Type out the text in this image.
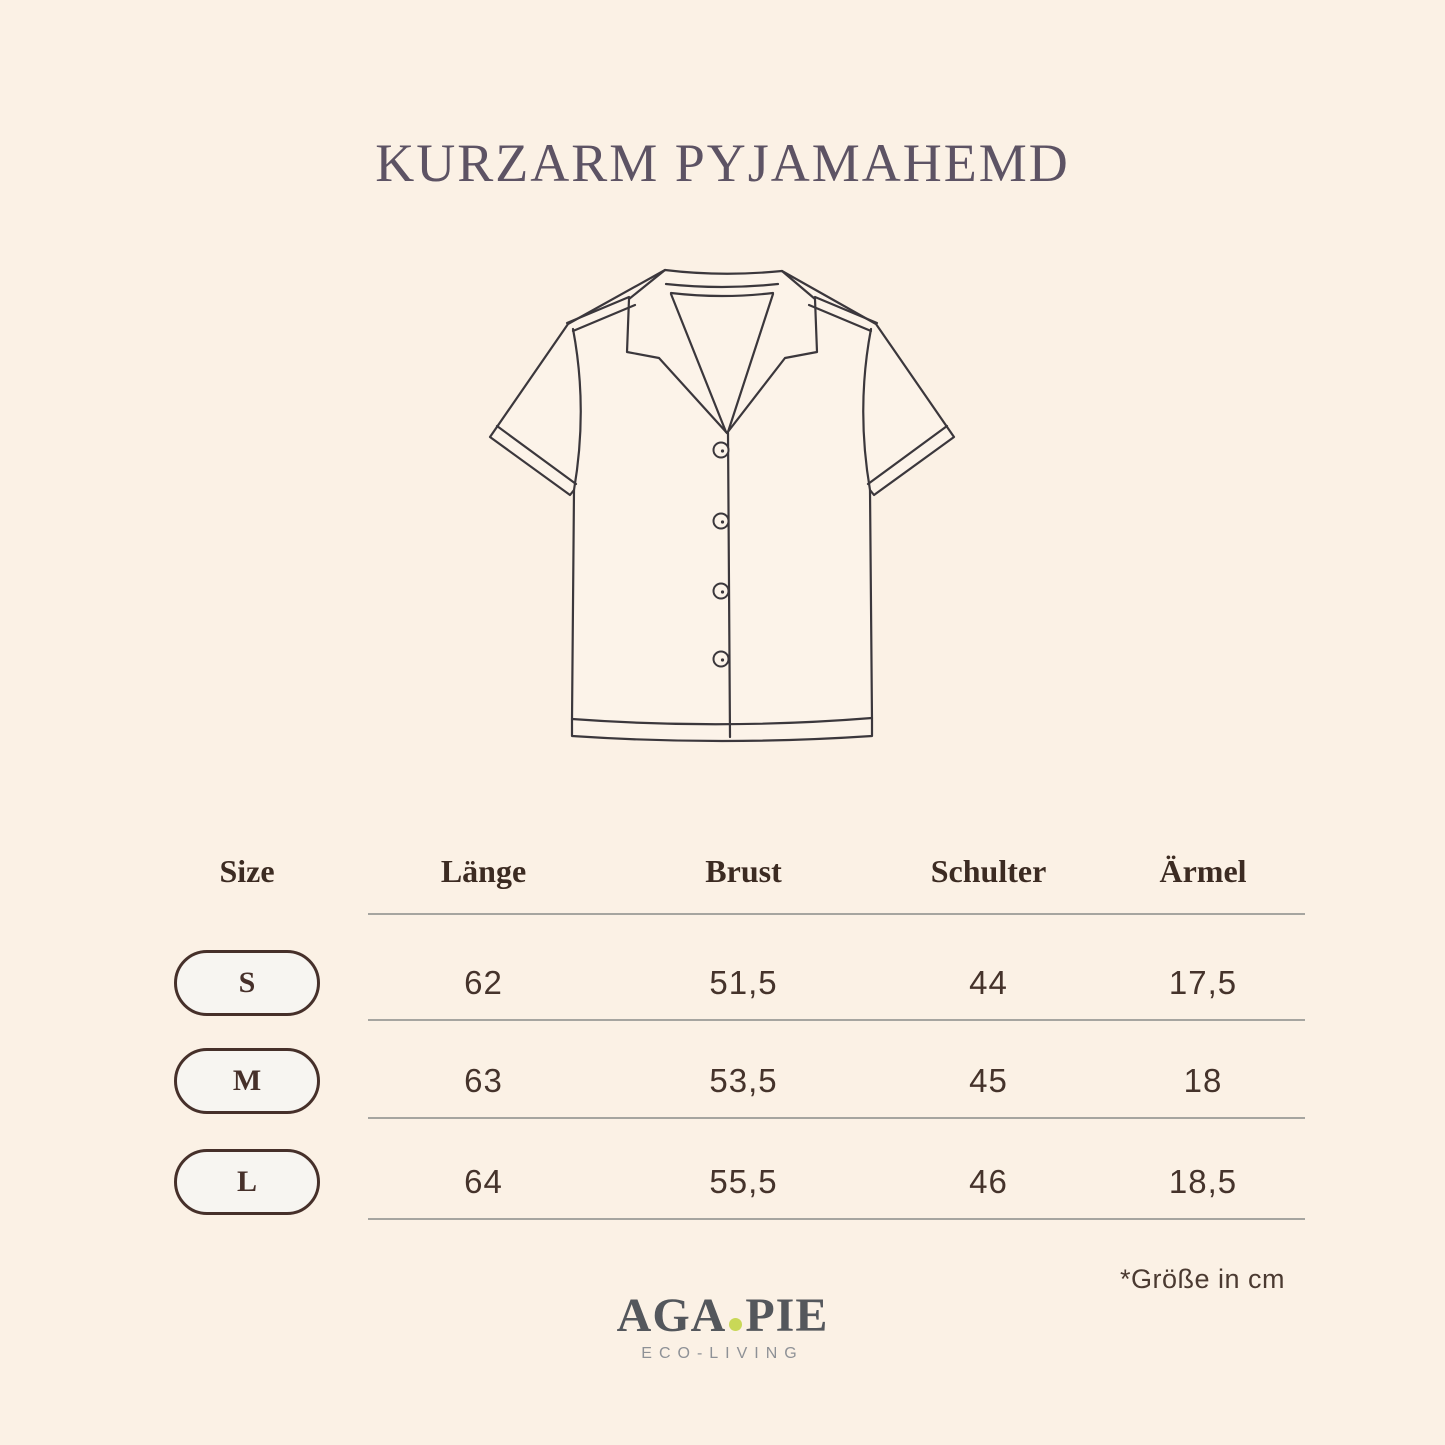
KURZARM PYJAMAHEMD
Size	Länge	Brust	Schulter	Ärmel
S	62	51,5	44	17,5
M	63	53,5	45	18
L	64	55,5	46	18,5
*Größe in cm
AGA PIE
ECO-LIVING
